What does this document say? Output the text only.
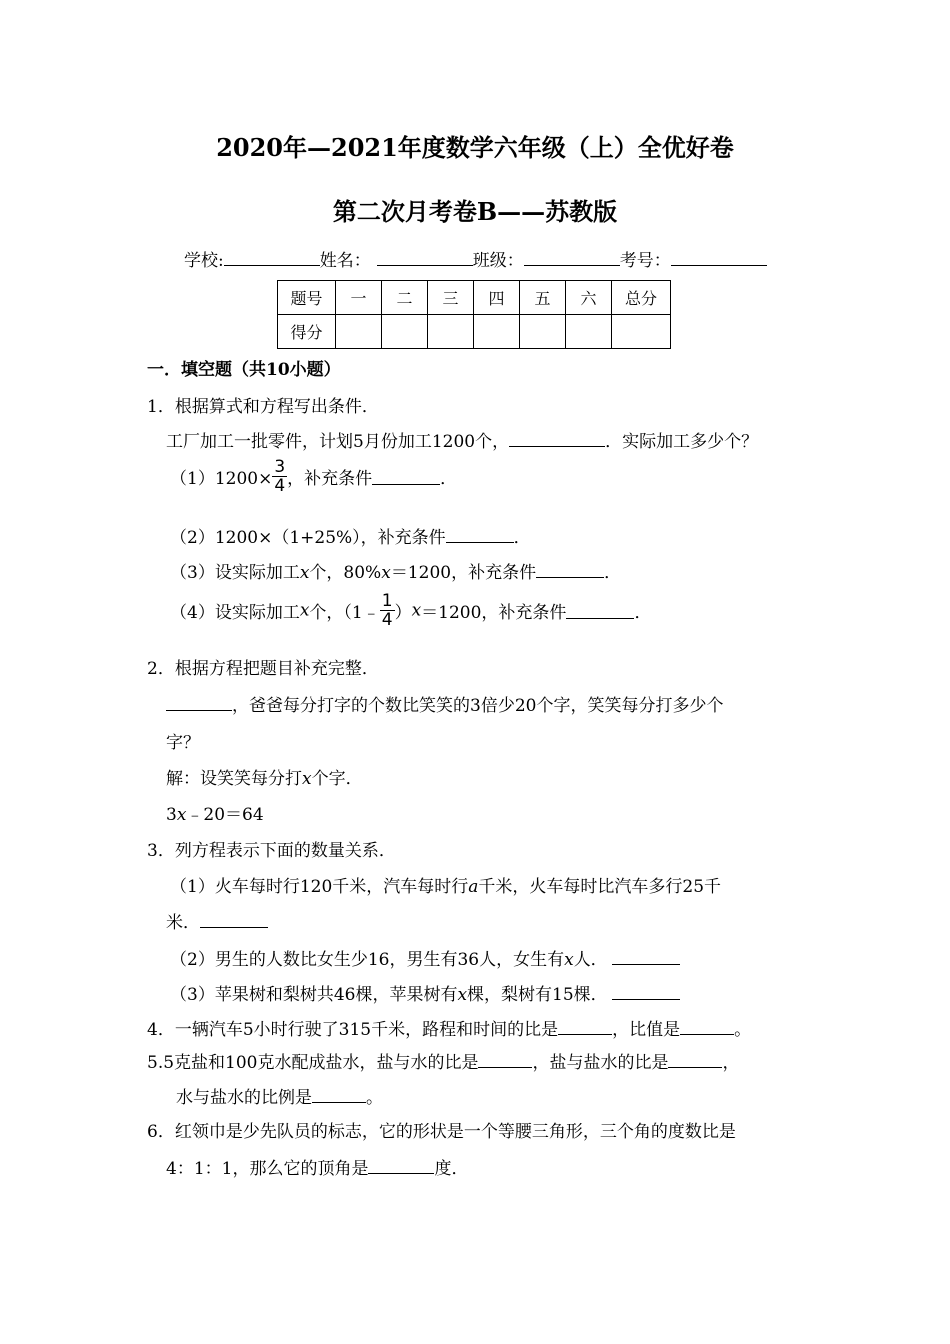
2020年—2021年度数学六年级（上）全优好卷
第二次月考卷B——苏教版
学校:	姓名：	班级：	考号：
题号	一	二	三	四	五	六	总分
得分							
一．填空题（共10小题）
1．根据算式和方程写出条件．
工厂加工一批零件，计划5月份加工1200个，	．实际加工多少个？
$(1)1200\times \frac{3}{4}$ ，补充条件	．
（2）1200×（1+25%），补充条件	．
（3）设实际加工x个，80%x＝1200，补充条件	．
（4）设实际加工x个，（1﹣ $\frac{1}{4} )x=1200$，补充条件	．
2．根据方程把题目补充完整．
，爸爸每分打字的个数比笑笑的3倍少20个字，笑笑每分打多少个
字？
解：设笑笑每分打x个字．
3x﹣20＝64
3．列方程表示下面的数量关系．
（1）火车每时行120千米，汽车每时行a千米，火车每时比汽车多行25千
米．
（2）男生的人数比女生少16，男生有36人，女生有x人．
（3）苹果树和梨树共46棵，苹果树有x棵，梨树有15棵．
4．一辆汽车5小时行驶了315千米，路程和时间的比是	，比值是	。
5.5克盐和100克水配成盐水，盐与水的比是	，盐与盐水的比是	，
水与盐水的比例是	。
6．红领巾是少先队员的标志，它的形状是一个等腰三角形，三个角的度数比是
4：1：1，那么它的顶角是	度．
